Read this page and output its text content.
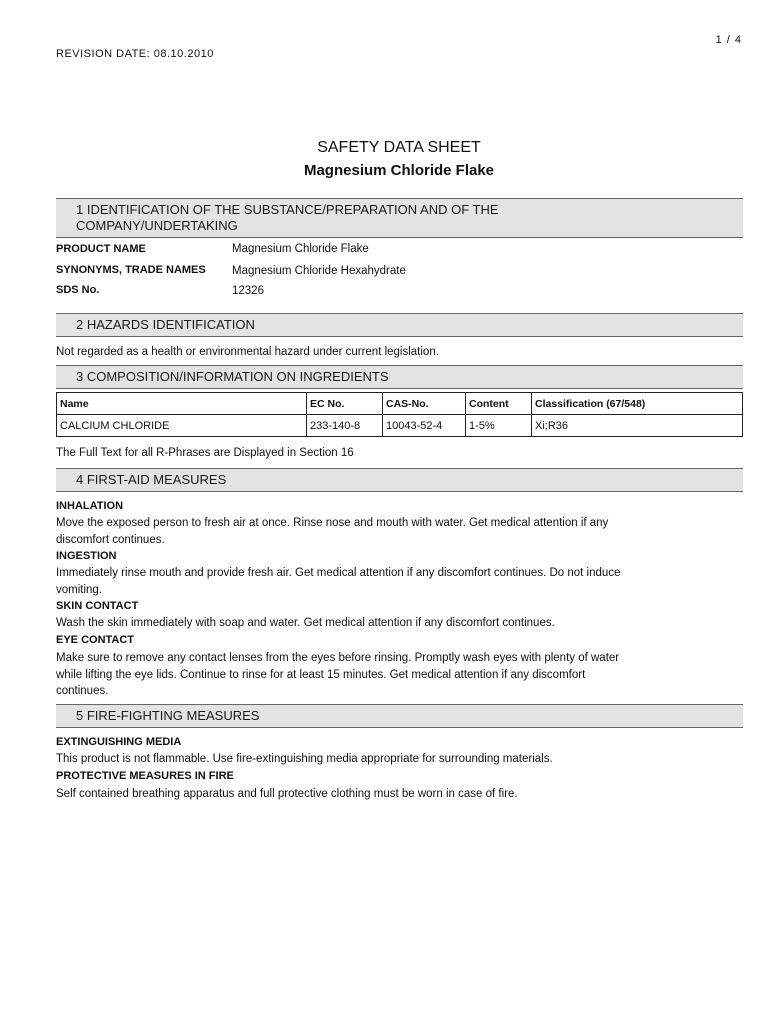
1 / 4
REVISION DATE: 08.10.2010
SAFETY DATA SHEET
Magnesium Chloride Flake
1 IDENTIFICATION OF THE SUBSTANCE/PREPARATION AND OF THE
COMPANY/UNDERTAKING
PRODUCT NAME	Magnesium Chloride Flake
SYNONYMS, TRADE NAMES Magnesium Chloride Hexahydrate
SDS No.	12326
2 HAZARDS IDENTIFICATION
Not regarded as a health or environmental hazard under current legislation.
3 COMPOSITION/INFORMATION ON INGREDIENTS
Name	EC No.	CAS-No.	Content	Classification (67/548)
CALCIUM CHLORIDE	233-140-8	10043-52-4	1-5%	Xi;R36
The Full Text for all R-Phrases are Displayed in Section 16
4 FIRST-AID MEASURES
INHALATION
Move the exposed person to fresh air at once. Rinse nose and mouth with water. Get medical attention if any
discomfort continues.
INGESTION
Immediately rinse mouth and provide fresh air. Get medical attention if any discomfort continues. Do not induce
vomiting.
SKIN CONTACT
Wash the skin immediately with soap and water. Get medical attention if any discomfort continues.
EYE CONTACT
Make sure to remove any contact lenses from the eyes before rinsing. Promptly wash eyes with plenty of water
while lifting the eye lids. Continue to rinse for at least 15 minutes. Get medical attention if any discomfort
continues.
5 FIRE-FIGHTING MEASURES
EXTINGUISHING MEDIA
This product is not flammable. Use fire-extinguishing media appropriate for surrounding materials.
PROTECTIVE MEASURES IN FIRE
Self contained breathing apparatus and full protective clothing must be worn in case of fire.
